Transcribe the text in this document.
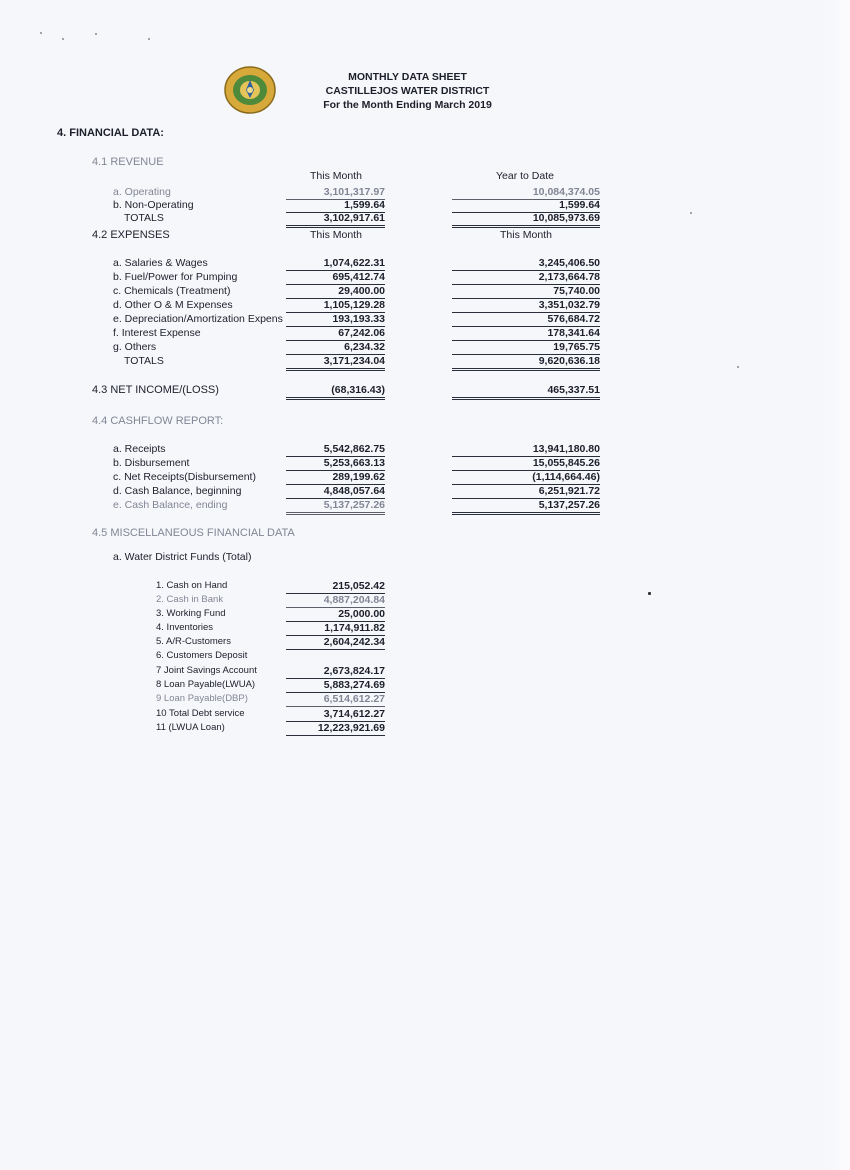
MONTHLY DATA SHEET
CASTILLEJOS WATER DISTRICT
For the Month Ending March 2019
4. FINANCIAL DATA:
4.1 REVENUE
This Month	Year to Date
a. Operating	3,101,317.97	10,084,374.05
b. Non-Operating	1,599.64	1,599.64
TOTALS	3,102,917.61	10,085,973.69
4.2 EXPENSES	This Month	This Month
a. Salaries & Wages	1,074,622.31	3,245,406.50
b. Fuel/Power for Pumping	695,412.74	2,173,664.78
c. Chemicals (Treatment)	29,400.00	75,740.00
d. Other O & M Expenses	1,105,129.28	3,351,032.79
e. Depreciation/Amortization Expens	193,193.33	576,684.72
f. Interest Expense	67,242.06	178,341.64
g. Others	6,234.32	19,765.75
TOTALS	3,171,234.04	9,620,636.18
4.3 NET INCOME/(LOSS)	(68,316.43)	465,337.51
4.4 CASHFLOW REPORT:
a. Receipts	5,542,862.75	13,941,180.80
b. Disbursement	5,253,663.13	15,055,845.26
c. Net Receipts(Disbursement)	289,199.62	(1,114,664.46)
d. Cash Balance, beginning	4,848,057.64	6,251,921.72
e. Cash Balance, ending	5,137,257.26	5,137,257.26
4.5 MISCELLANEOUS FINANCIAL DATA
a. Water District Funds (Total)
1. Cash on Hand	215,052.42
2. Cash in Bank	4,887,204.84
3. Working Fund	25,000.00
4. Inventories	1,174,911.82
5. A/R-Customers	2,604,242.34
6. Customers Deposit
7 Joint Savings Account	2,673,824.17
8 Loan Payable(LWUA)	5,883,274.69
9 Loan Payable(DBP)	6,514,612.27
10 Total Debt service	3,714,612.27
11 (LWUA Loan)	12,223,921.69
